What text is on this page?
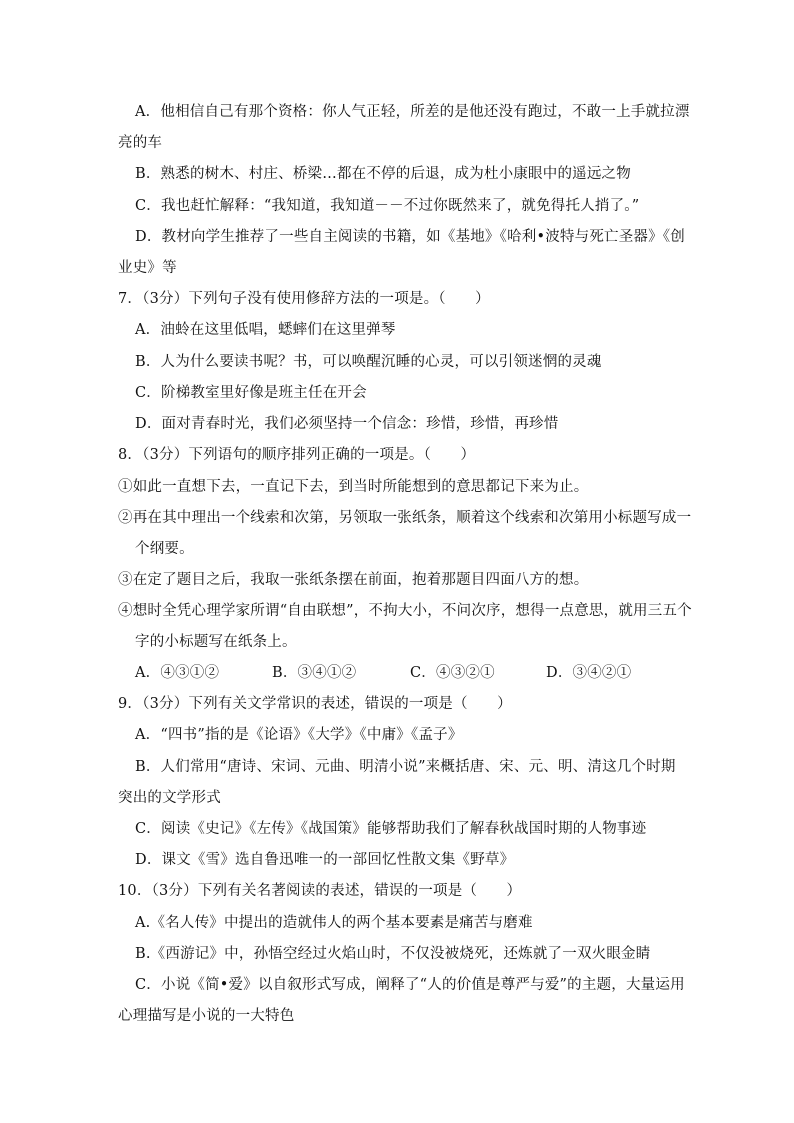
A．他相信自己有那个资格：你人气正轻，所差的是他还没有跑过，不敢一上手就拉漂
亮的车
B．熟悉的树木、村庄、桥梁…都在不停的后退，成为杜小康眼中的遥远之物
C．我也赶忙解释：“我知道，我知道－－不过你既然来了，就免得托人捎了。”
D．教材向学生推荐了一些自主阅读的书籍，如《基地》《哈利•波特与死亡圣器》《创
业史》等
7．（3分）下列句子没有使用修辞方法的一项是。（　　）
A．油蛉在这里低唱，蟋蟀们在这里弹琴
B．人为什么要读书呢？书，可以唤醒沉睡的心灵，可以引领迷惘的灵魂
C．阶梯教室里好像是班主任在开会
D．面对青春时光，我们必须坚持一个信念：珍惜，珍惜，再珍惜
8．（3分）下列语句的顺序排列正确的一项是。（　　）
①如此一直想下去，一直记下去，到当时所能想到的意思都记下来为止。
②再在其中理出一个线索和次第，另领取一张纸条，顺着这个线索和次第用小标题写成一
个纲要。
③在定了题目之后，我取一张纸条摆在前面，抱着那题目四面八方的想。
④想时全凭心理学家所谓“自由联想”，不拘大小，不问次序，想得一点意思，就用三五个
字的小标题写在纸条上。
A．④③①②	B．③④①②	C．④③②①	D．③④②①
9．（3分）下列有关文学常识的表述，错误的一项是（　　）
A．“四书”指的是《论语》《大学》《中庸》《孟子》
B．人们常用“唐诗、宋词、元曲、明清小说”来概括唐、宋、元、明、清这几个时期
突出的文学形式
C．阅读《史记》《左传》《战国策》能够帮助我们了解春秋战国时期的人物事迹
D．课文《雪》选自鲁迅唯一的一部回忆性散文集《野草》
10．（3分）下列有关名著阅读的表述，错误的一项是（　　）
A.《名人传》中提出的造就伟人的两个基本要素是痛苦与磨难
B.《西游记》中，孙悟空经过火焰山时，不仅没被烧死，还炼就了一双火眼金睛
C．小说《简•爱》以自叙形式写成，阐释了“人的价值是尊严与爱”的主题，大量运用
心理描写是小说的一大特色
